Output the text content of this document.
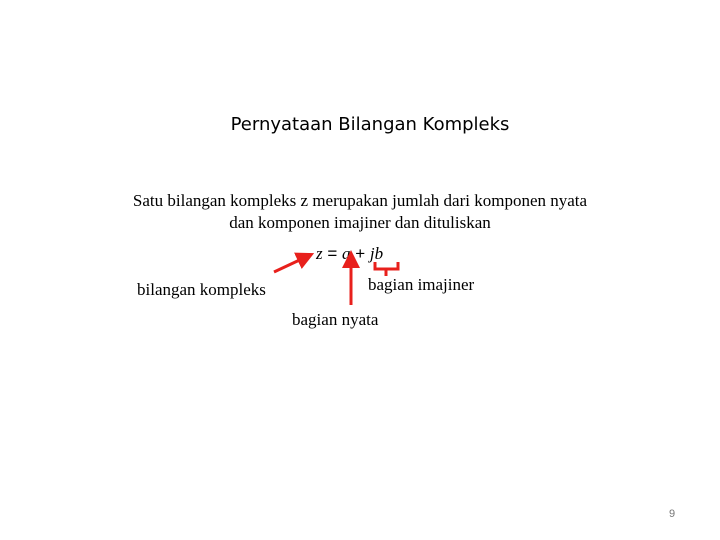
Pernyataan Bilangan Kompleks
Satu bilangan kompleks z merupakan jumlah dari komponen nyata
dan komponen imajiner dan dituliskan
z = a + jb
bilangan kompleks	bagian imajiner
bagian nyata
9
